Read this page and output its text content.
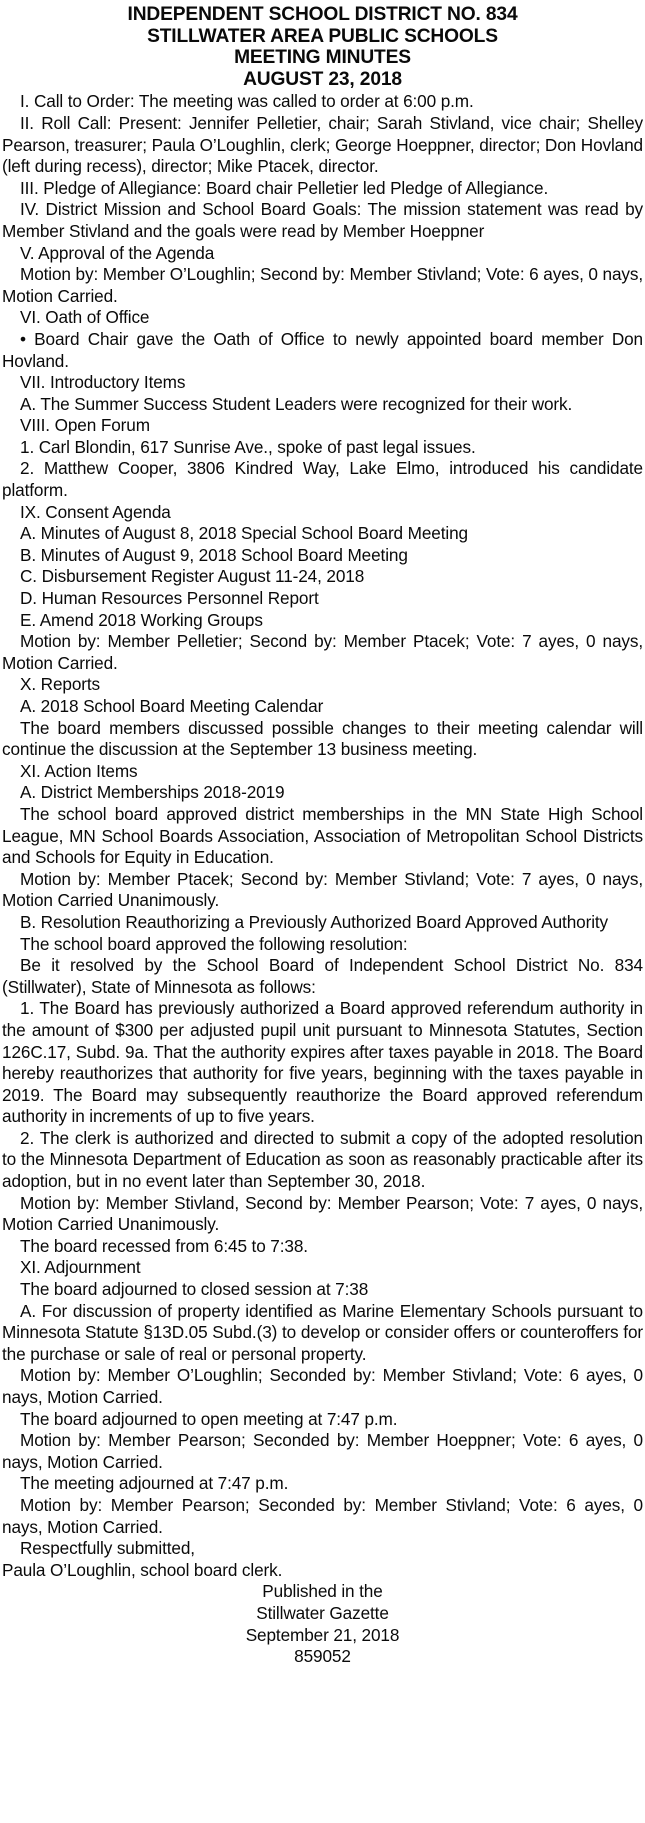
INDEPENDENT SCHOOL DISTRICT NO. 834
STILLWATER AREA PUBLIC SCHOOLS
MEETING MINUTES
AUGUST 23, 2018

I. Call to Order: The meeting was called to order at 6:00 p.m.

II. Roll Call: Present: Jennifer Pelletier, chair; Sarah Stivland, vice chair; Shelley Pearson, treasurer; Paula O’Loughlin, clerk; George Hoeppner, director; Don Hovland (left during recess), director; Mike Ptacek, director.

III. Pledge of Allegiance: Board chair Pelletier led Pledge of Allegiance.

IV. District Mission and School Board Goals: The mission statement was read by Member Stivland and the goals were read by Member Hoeppner

V. Approval of the Agenda

Motion by: Member O’Loughlin; Second by: Member Stivland; Vote: 6 ayes, 0 nays, Motion Carried.

VI. Oath of Office

• Board Chair gave the Oath of Office to newly appointed board member Don Hovland.

VII. Introductory Items

A. The Summer Success Student Leaders were recognized for their work.

VIII. Open Forum

1. Carl Blondin, 617 Sunrise Ave., spoke of past legal issues.

2. Matthew Cooper, 3806 Kindred Way, Lake Elmo, introduced his candidate platform.

IX. Consent Agenda

A. Minutes of August 8, 2018 Special School Board Meeting

B. Minutes of August 9, 2018 School Board Meeting

C. Disbursement Register August 11-24, 2018

D. Human Resources Personnel Report

E. Amend 2018 Working Groups

Motion by: Member Pelletier; Second by: Member Ptacek; Vote: 7 ayes, 0 nays, Motion Carried.

X. Reports

A. 2018 School Board Meeting Calendar

The board members discussed possible changes to their meeting calendar will continue the discussion at the September 13 business meeting.

XI. Action Items

A. District Memberships 2018-2019

The school board approved district memberships in the MN State High School League, MN School Boards Association, Association of Metropolitan School Districts and Schools for Equity in Education.

Motion by: Member Ptacek; Second by: Member Stivland; Vote: 7 ayes, 0 nays, Motion Carried Unanimously.

B. Resolution Reauthorizing a Previously Authorized Board Approved Authority

The school board approved the following resolution:

Be it resolved by the School Board of Independent School District No. 834 (Stillwater), State of Minnesota as follows:

1. The Board has previously authorized a Board approved referendum authority in the amount of $300 per adjusted pupil unit pursuant to Minnesota Statutes, Section 126C.17, Subd. 9a. That the authority expires after taxes payable in 2018. The Board hereby reauthorizes that authority for five years, beginning with the taxes payable in 2019. The Board may subsequently reauthorize the Board approved referendum authority in increments of up to five years.

2. The clerk is authorized and directed to submit a copy of the adopted resolution to the Minnesota Department of Education as soon as reasonably practicable after its adoption, but in no event later than September 30, 2018.

Motion by: Member Stivland, Second by: Member Pearson; Vote: 7 ayes, 0 nays, Motion Carried Unanimously.

The board recessed from 6:45 to 7:38.

XI. Adjournment

The board adjourned to closed session at 7:38

A. For discussion of property identified as Marine Elementary Schools pursuant to Minnesota Statute §13D.05 Subd.(3) to develop or consider offers or counteroffers for the purchase or sale of real or personal property.

Motion by: Member O’Loughlin; Seconded by: Member Stivland; Vote: 6 ayes, 0 nays, Motion Carried.

The board adjourned to open meeting at 7:47 p.m.

Motion by: Member Pearson; Seconded by: Member Hoeppner; Vote: 6 ayes, 0 nays, Motion Carried.

The meeting adjourned at 7:47 p.m.

Motion by: Member Pearson; Seconded by: Member Stivland; Vote: 6 ayes, 0 nays, Motion Carried.

Respectfully submitted,

Paula O’Loughlin, school board clerk.

Published in the
Stillwater Gazette
September 21, 2018
859052
